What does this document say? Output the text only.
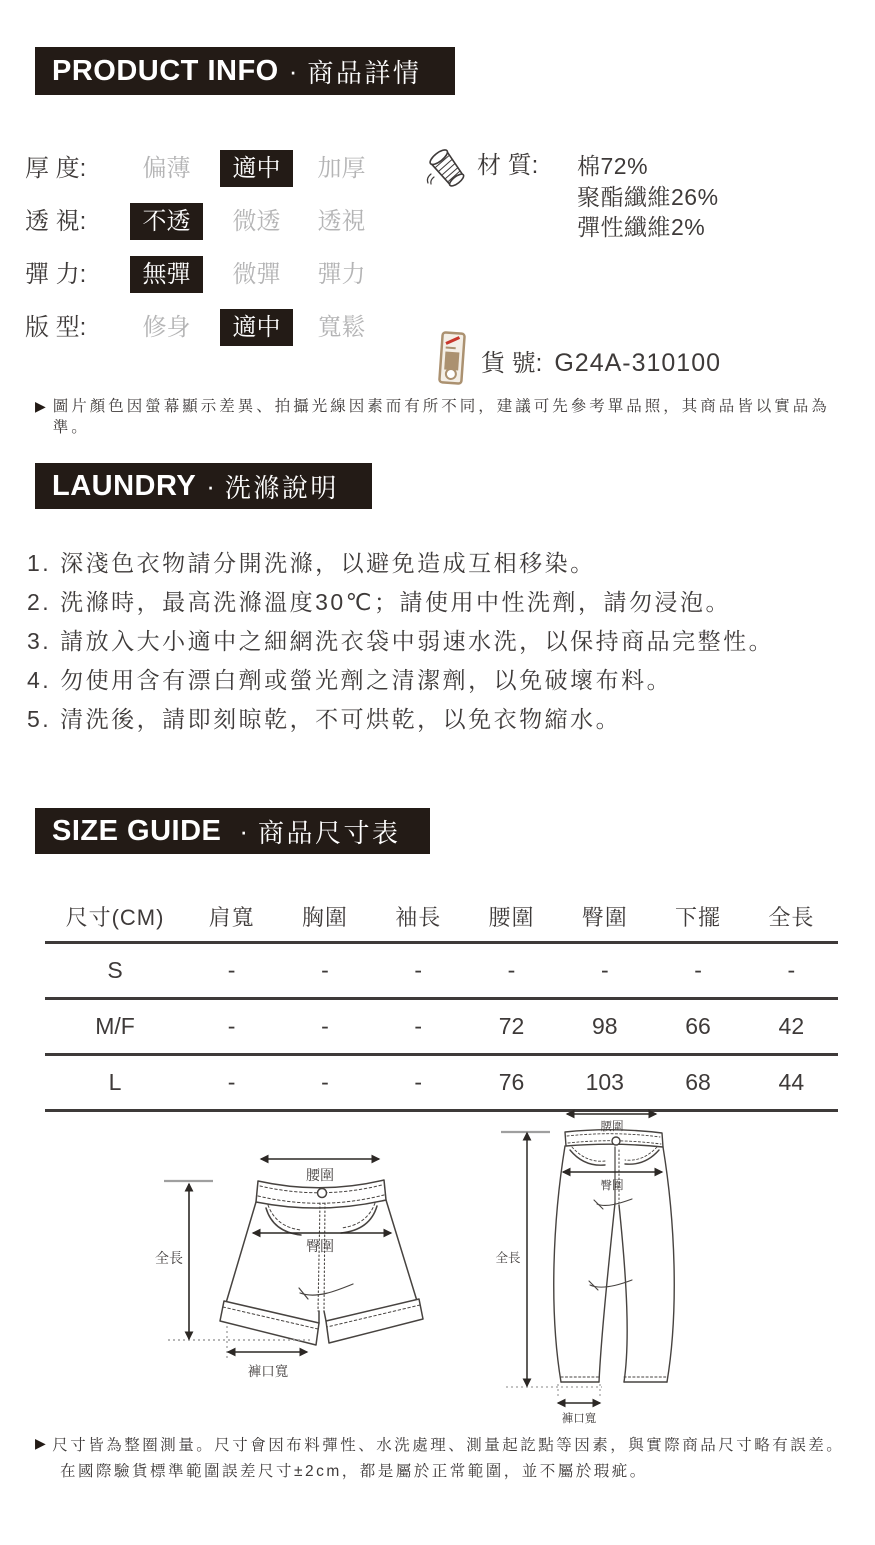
PRODUCT INFO · 商品詳情
厚 度:	偏薄	適中	加厚
透 視:	不透	微透	透視
彈 力:	無彈	微彈	彈力
版 型:	修身	適中	寬鬆
材 質: 棉72%
聚酯纖維26%
彈性纖維2%
貨 號: G24A-310100
▶ 圖片顏色因螢幕顯示差異、拍攝光線因素而有所不同，建議可先參考單品照，其商品皆以實品為準。
LAUNDRY · 洗滌說明
1. 深淺色衣物請分開洗滌，以避免造成互相移染。
2. 洗滌時，最高洗滌溫度30℃；請使用中性洗劑，請勿浸泡。
3. 請放入大小適中之細網洗衣袋中弱速水洗，以保持商品完整性。
4. 勿使用含有漂白劑或螢光劑之清潔劑，以免破壞布料。
5. 清洗後，請即刻晾乾，不可烘乾，以免衣物縮水。
SIZE GUIDE · 商品尺寸表
尺寸(CM)	肩寬	胸圍	袖長	腰圍	臀圍	下擺	全長
S	-	-	-	-	-	-	-
M/F	-	-	-	72	98	66	42
L	-	-	-	76	103	68	44
腰圍
臀圍
全長
褲口寬
腰圍
臀圍
全長
褲口寬
▶ 尺寸皆為整圈測量。尺寸會因布料彈性、水洗處理、測量起訖點等因素，與實際商品尺寸略有誤差。
在國際驗貨標準範圍誤差尺寸±2cm，都是屬於正常範圍，並不屬於瑕疵。
